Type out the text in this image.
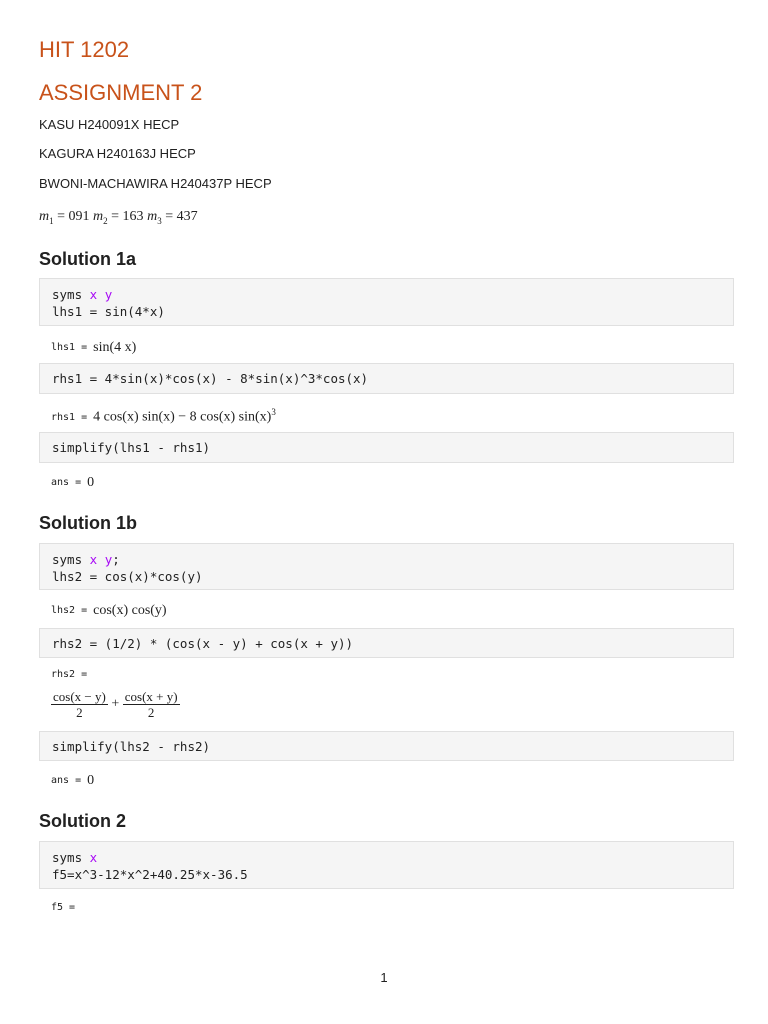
HIT 1202
ASSIGNMENT 2
KASU H240091X HECP
KAGURA H240163J HECP
BWONI-MACHAWIRA H240437P HECP
$m_1 = 091$ $m_2 = 163$ $m_3 = 437$
Solution 1a
syms x y
lhs1 = sin(4*x)
lhs1 = sin(4 x)
rhs1 = 4*sin(x)*cos(x) - 8*sin(x)^3*cos(x)
rhs1 = 4 cos(x) sin(x) − 8 cos(x) $\sin(x)^3$
simplify(lhs1 - rhs1)
ans = 0
Solution 1b
syms x y;
lhs2 = cos(x)*cos(y)
lhs2 = cos(x) cos(y)
rhs2 = (1/2) * (cos(x - y) + cos(x + y))
rhs2 =
$\frac{\cos(x - y)}{2} + \frac{\cos(x + y)}{2}$
simplify(lhs2 - rhs2)
ans = 0
Solution 2
syms x
f5=x^3-12*x^2+40.25*x-36.5
f5 =
1
